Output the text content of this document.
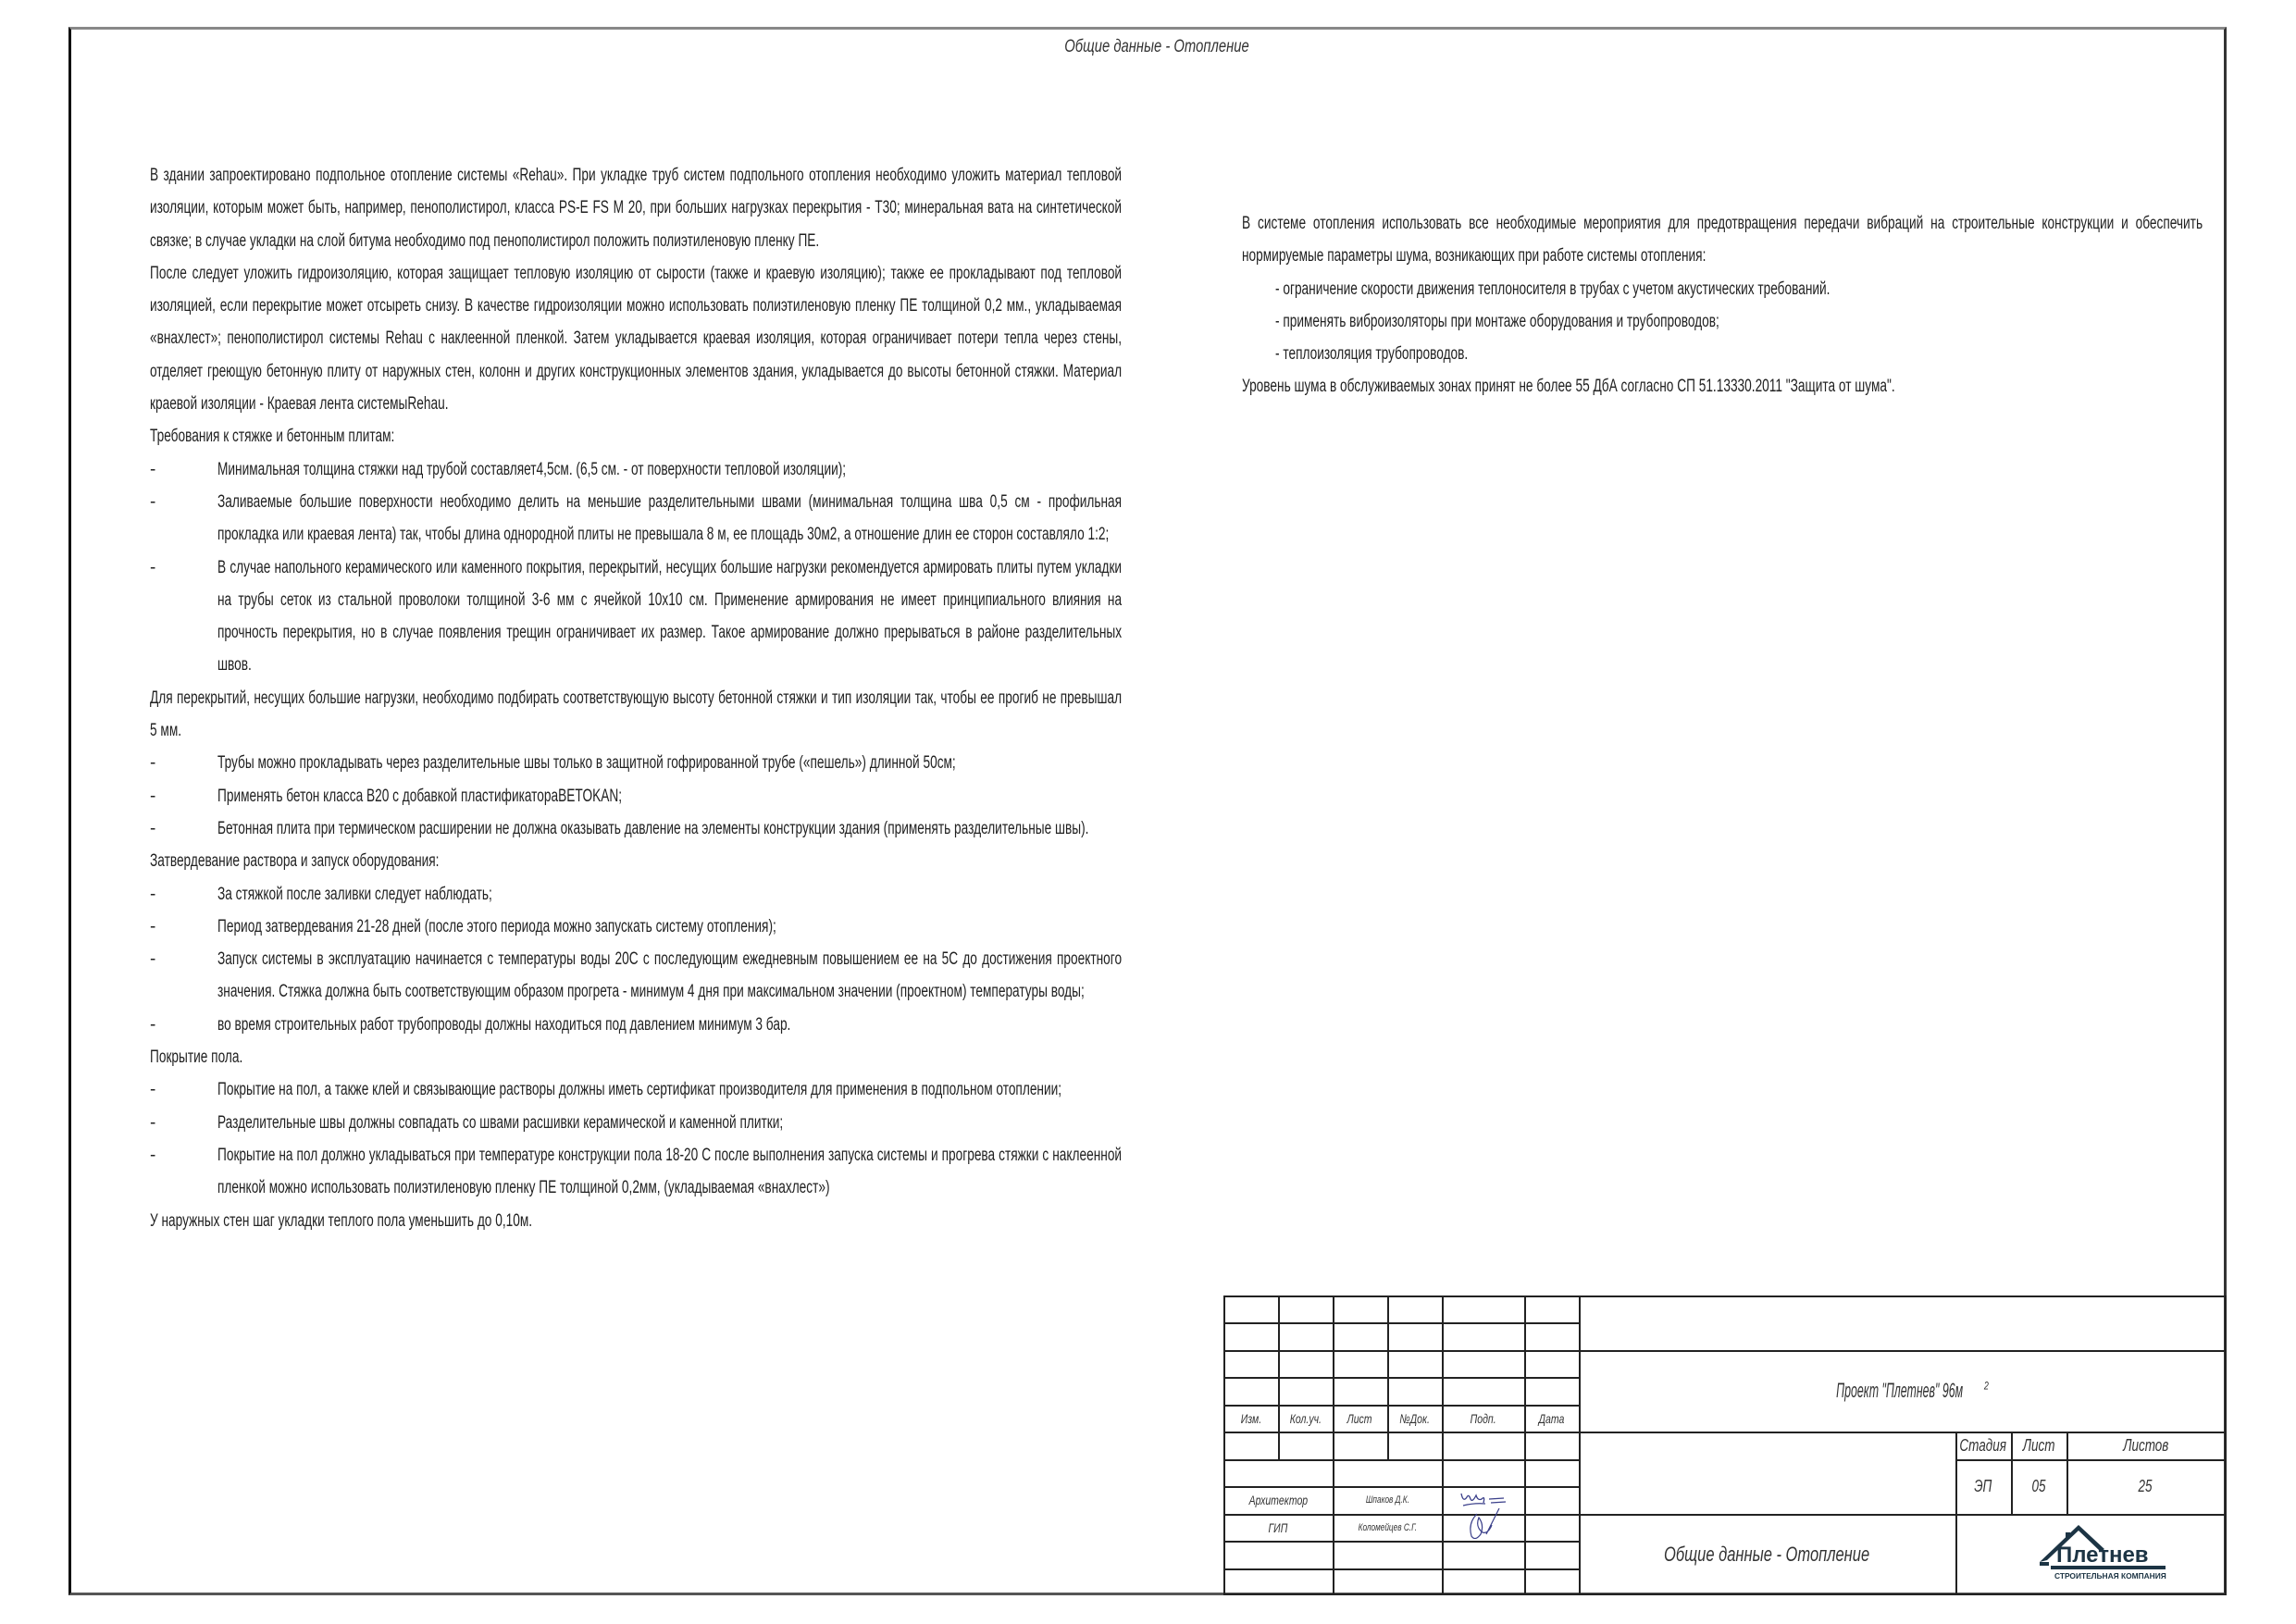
Общие данные - Отопление

В здании запроектировано подпольное отопление системы «Rehau». При укладке труб систем подпольного отопления необходимо уложить материал тепловой изоляции, которым может быть, например, пенополистирол, класса PS-E FS M 20, при больших нагрузках перекрытия - Т30; минеральная вата на синтетической связке; в случае укладки на слой битума необходимо под пенополистирол положить полиэтиленовую пленку ПЕ.

После следует уложить гидроизоляцию, которая защищает тепловую изоляцию от сырости (также и краевую изоляцию); также ее прокладывают под тепловой изоляцией, если перекрытие может отсыреть снизу. В качестве гидроизоляции можно использовать полиэтиленовую пленку ПЕ толщиной 0,2 мм., укладываемая «внахлест»; пенополистирол системы Rehau с наклеенной пленкой. Затем укладывается краевая изоляция, которая ограничивает потери тепла через стены, отделяет греющую бетонную плиту от наружных стен, колонн и других конструкционных элементов здания, укладывается до высоты бетонной стяжки. Материал краевой изоляции - Краевая лента системыRehau.

Требования к стяжке и бетонным плитам:

-	Минимальная толщина стяжки над трубой составляет4,5см. (6,5 см. - от поверхности тепловой изоляции);
-	Заливаемые большие поверхности необходимо делить на меньшие разделительными швами (минимальная толщина шва 0,5 см - профильная прокладка или краевая лента) так, чтобы длина однородной плиты не превышала 8 м, ее площадь 30м2, а отношение длин ее сторон составляло 1:2;
-	В случае напольного керамического или каменного покрытия, перекрытий, несущих большие нагрузки рекомендуется армировать плиты путем укладки на трубы сеток из стальной проволоки толщиной 3-6 мм с ячейкой 10х10 см. Применение армирования не имеет принципиального влияния на прочность перекрытия, но в случае появления трещин ограничивает их размер. Такое армирование должно прерываться в районе разделительных швов.

Для перекрытий, несущих большие нагрузки, необходимо подбирать соответствующую высоту бетонной стяжки и тип изоляции так, чтобы ее прогиб не превышал 5 мм.

-	Трубы можно прокладывать через разделительные швы только в защитной гофрированной трубе («пешель») длинной 50см;
-	Применять бетон класса В20 с добавкой пластификатораBETOKAN;
-	Бетонная плита при термическом расширении не должна оказывать давление на элементы конструкции здания (применять разделительные швы).

Затвердевание раствора и запуск оборудования:

-	За стяжкой после заливки следует наблюдать;
-	Период затвердевания 21-28 дней (после этого периода можно запускать систему отопления);
-	Запуск системы в эксплуатацию начинается с температуры воды 20С с последующим ежедневным повышением ее на 5С до достижения проектного значения. Стяжка должна быть соответствующим образом прогрета - минимум 4 дня при максимальном значении (проектном) температуры воды;
-	во время строительных работ трубопроводы должны находиться под давлением минимум 3 бар.

Покрытие пола.

-	Покрытие на пол, а также клей и связывающие растворы должны иметь сертификат производителя для применения в подпольном отоплении;
-	Разделительные швы должны совпадать со швами расшивки керамической и каменной плитки;
-	Покрытие на пол должно укладываться при температуре конструкции пола 18-20 С после выполнения запуска системы и прогрева стяжки с наклеенной пленкой можно использовать полиэтиленовую пленку ПЕ толщиной 0,2мм, (укладываемая «внахлест»)

У наружных стен шаг укладки теплого пола уменьшить до 0,10м.

В системе отопления использовать все необходимые мероприятия для предотвращения передачи вибраций на строительные конструкции и обеспечить нормируемые параметры шума, возникающих при работе системы отопления:

- ограничение скорости движения теплоносителя в трубах с учетом акустических требований.

- применять виброизоляторы при монтаже оборудования и трубопроводов;

- теплоизоляция трубопроводов.

Уровень шума в обслуживаемых зонах принят не более 55 ДбА согласно СП 51.13330.2011 "Защита от шума".

Изм. Кол.уч. Лист №Док.	Подп.	Дата
Архитектор	Шпаков Д.К.
ГИП	Коломейцев С.Г.
Проект "Плетнев" 96м $^2$
Стадия Лист	Листов
ЭП 05	25
Общие данные - Отопление	Плетнев
СТРОИТЕЛЬНАЯ КОМПАНИЯ
